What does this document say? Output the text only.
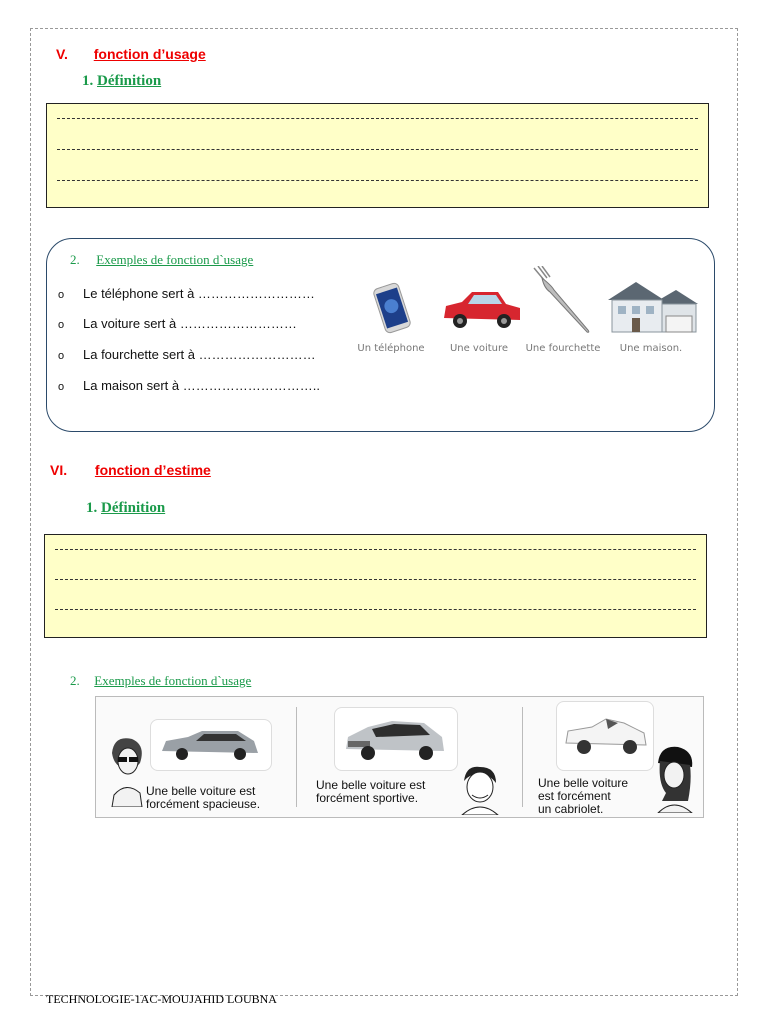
V. fonction d’usage
1. Définition
2. Exemples de fonction d`usage
o Le téléphone sert à ………………………
o La voiture sert à ………………………
o La fourchette sert à ………………………
o La maison sert à …………………………..
Un téléphone	Une voiture	Une fourchette	Une maison.
VI. fonction d’estime
1. Définition
2. Exemples de fonction d`usage
Une belle voiture est
forcément spacieuse.
Une belle voiture est
forcément sportive.
Une belle voiture
est forcément
un cabriolet.
TECHNOLOGIE-1AC-MOUJAHID LOUBNA
